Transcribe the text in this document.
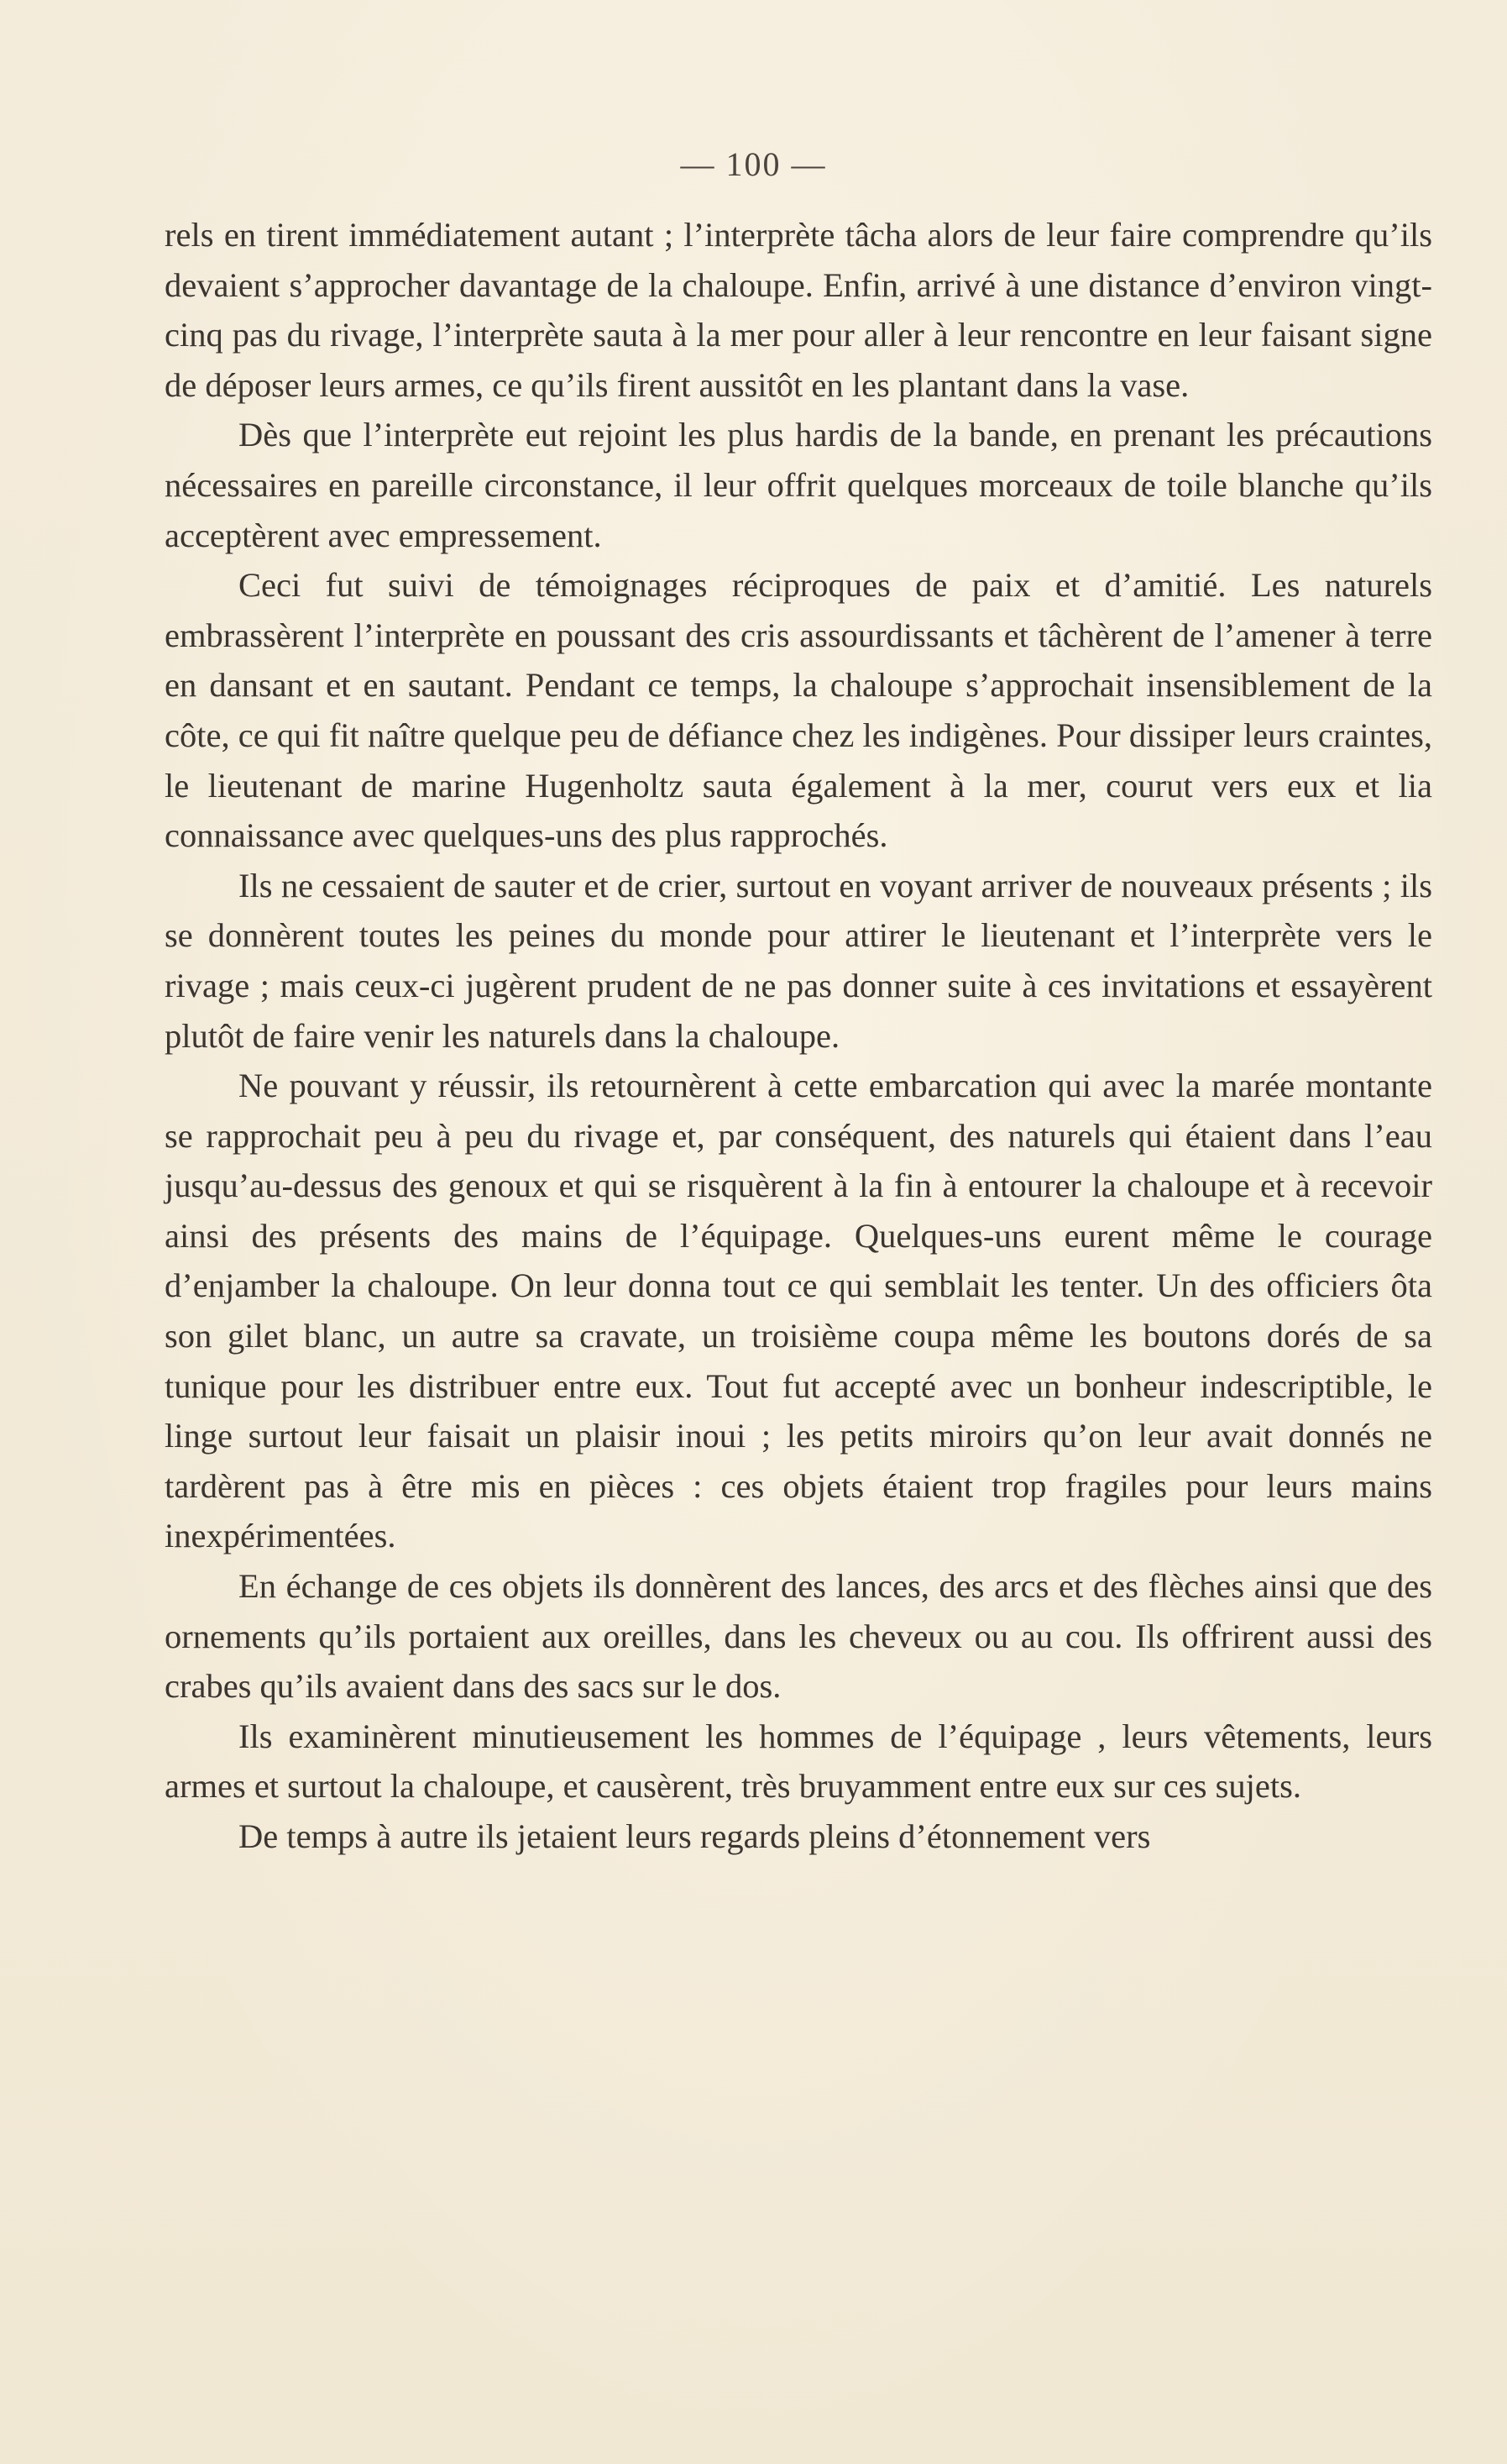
— 100 —

rels en tirent immédiatement autant ; l’interprète tâcha alors de leur faire comprendre qu’ils devaient s’approcher davantage de la chaloupe. Enfin, arrivé à une distance d’environ vingt-cinq pas du rivage, l’interprète sauta à la mer pour aller à leur rencontre en leur faisant signe de déposer leurs armes, ce qu’ils firent aussitôt en les plantant dans la vase.

Dès que l’interprète eut rejoint les plus hardis de la bande, en prenant les précautions nécessaires en pareille circonstance, il leur offrit quelques morceaux de toile blanche qu’ils acceptèrent avec empressement.

Ceci fut suivi de témoignages réciproques de paix et d’amitié. Les naturels embrassèrent l’interprète en poussant des cris assourdissants et tâchèrent de l’amener à terre en dansant et en sautant. Pendant ce temps, la chaloupe s’approchait insensiblement de la côte, ce qui fit naître quelque peu de défiance chez les indigènes. Pour dissiper leurs craintes, le lieutenant de marine Hugenholtz sauta également à la mer, courut vers eux et lia connaissance avec quelques-uns des plus rapprochés.

Ils ne cessaient de sauter et de crier, surtout en voyant arriver de nouveaux présents ; ils se donnèrent toutes les peines du monde pour attirer le lieutenant et l’interprète vers le rivage ; mais ceux-ci jugèrent prudent de ne pas donner suite à ces invitations et essayèrent plutôt de faire venir les naturels dans la chaloupe.

Ne pouvant y réussir, ils retournèrent à cette embarcation qui avec la marée montante se rapprochait peu à peu du rivage et, par conséquent, des naturels qui étaient dans l’eau jusqu’au-dessus des genoux et qui se risquèrent à la fin à entourer la chaloupe et à recevoir ainsi des présents des mains de l’équipage. Quelques-uns eurent même le courage d’enjamber la chaloupe. On leur donna tout ce qui semblait les tenter. Un des officiers ôta son gilet blanc, un autre sa cravate, un troisième coupa même les boutons dorés de sa tunique pour les distribuer entre eux. Tout fut accepté avec un bonheur indescriptible, le linge surtout leur faisait un plaisir inoui ; les petits miroirs qu’on leur avait donnés ne tardèrent pas à être mis en pièces : ces objets étaient trop fragiles pour leurs mains inexpérimentées.

En échange de ces objets ils donnèrent des lances, des arcs et des flèches ainsi que des ornements qu’ils portaient aux oreilles, dans les cheveux ou au cou. Ils offrirent aussi des crabes qu’ils avaient dans des sacs sur le dos.

Ils examinèrent minutieusement les hommes de l’équipage , leurs vêtements, leurs armes et surtout la chaloupe, et causèrent, très bruyamment entre eux sur ces sujets.

De temps à autre ils jetaient leurs regards pleins d’étonnement vers
